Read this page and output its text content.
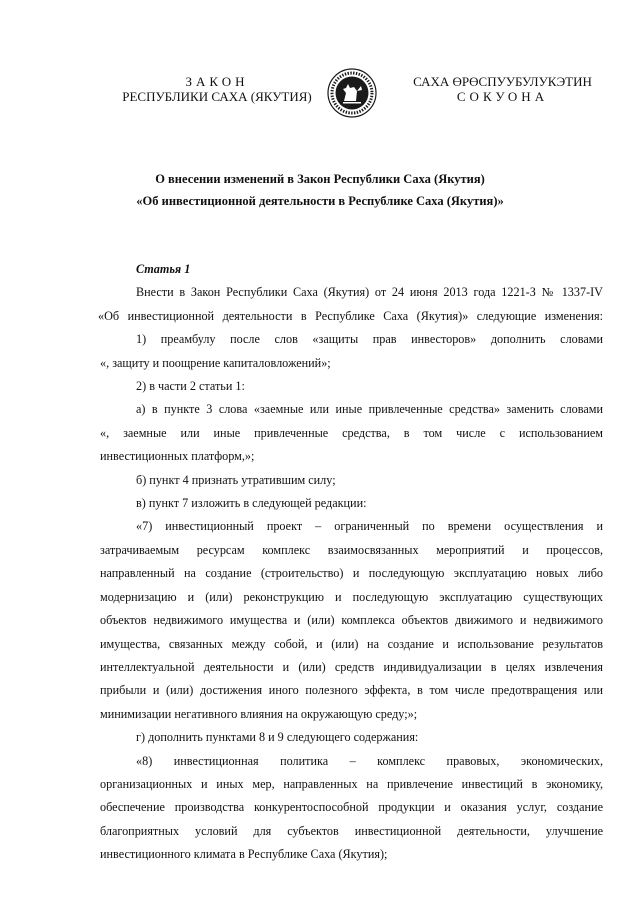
ЗАКОН
РЕСПУБЛИКИ САХА (ЯКУТИЯ)
САХА ӨРӨСПУУБУЛУКЭТИН
СОКУОНА
О внесении изменений в Закон Республики Саха (Якутия)
«Об инвестиционной деятельности в Республике Саха (Якутия)»
Статья 1

Внести в Закон Республики Саха (Якутия) от 24 июня 2013 года 1221-З № 1337-IV

«Об инвестиционной деятельности в Республике Саха (Якутия)» следующие изменения:

1) преамбулу после слов «защиты прав инвесторов» дополнить словами

«, защиту и поощрение капиталовложений»;

2) в части 2 статьи 1:

а) в пункте 3 слова «заемные или иные привлеченные средства» заменить словами

«, заемные или иные привлеченные средства, в том числе с использованием

инвестиционных платформ,»;

б) пункт 4 признать утратившим силу;

в) пункт 7 изложить в следующей редакции:

«7) инвестиционный проект – ограниченный по времени осуществления и

затрачиваемым ресурсам комплекс взаимосвязанных мероприятий и процессов,

направленный на создание (строительство) и последующую эксплуатацию новых либо

модернизацию и (или) реконструкцию и последующую эксплуатацию существующих

объектов недвижимого имущества и (или) комплекса объектов движимого и недвижимого

имущества, связанных между собой, и (или) на создание и использование результатов

интеллектуальной деятельности и (или) средств индивидуализации в целях извлечения

прибыли и (или) достижения иного полезного эффекта, в том числе предотвращения или

минимизации негативного влияния на окружающую среду;»;

г) дополнить пунктами 8 и 9 следующего содержания:

«8) инвестиционная политика – комплекс правовых, экономических,

организационных и иных мер, направленных на привлечение инвестиций в экономику,

обеспечение производства конкурентоспособной продукции и оказания услуг, создание

благоприятных условий для субъектов инвестиционной деятельности, улучшение

инвестиционного климата в Республике Саха (Якутия);
